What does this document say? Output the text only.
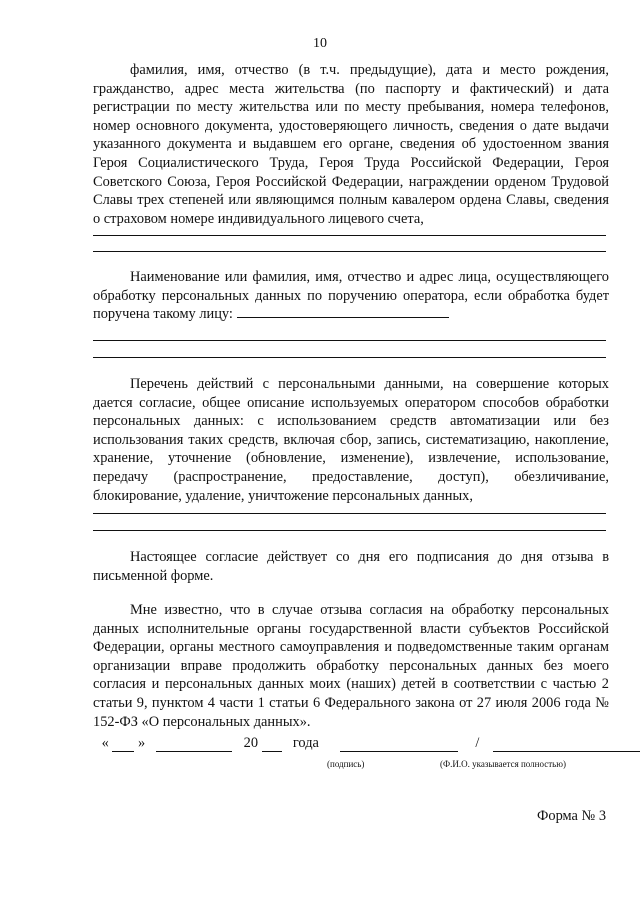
10

фамилия, имя, отчество (в т.ч. предыдущие), дата и место рождения, гражданство, адрес места жительства (по паспорту и фактический) и дата регистрации по месту жительства или по месту пребывания, номера телефонов, номер основного документа, удостоверяющего личность, сведения о дате выдачи указанного документа и выдавшем его органе, сведения об удостоенном звания Героя Социалистического Труда, Героя Труда Российской Федерации, Героя Советского Союза, Героя Российской Федерации, награждении орденом Трудовой Славы трех степеней или являющимся полным кавалером ордена Славы, сведения о страховом номере индивидуального лицевого счета,

Наименование или фамилия, имя, отчество и адрес лица, осуществляющего обработку персональных данных по поручению оператора, если обработка будет поручена такому лицу:

Перечень действий с персональными данными, на совершение которых дается согласие, общее описание используемых оператором способов обработки персональных данных: с использованием средств автоматизации или без использования таких средств, включая сбор, запись, систематизацию, накопление, хранение, уточнение (обновление, изменение), извлечение, использование, передачу (распространение, предоставление, доступ), обезличивание, блокирование, удаление, уничтожение персональных данных,

Настоящее согласие действует со дня его подписания до дня отзыва в письменной форме.

Мне известно, что в случае отзыва согласия на обработку персональных данных исполнительные органы государственной власти субъектов Российской Федерации, органы местного самоуправления и подведомственные таким органам организации вправе продолжить обработку персональных данных без моего согласия и персональных данных моих (наших) детей в соответствии с частью 2 статьи 9, пунктом 4 части 1 статьи 6 Федерального закона от 27 июля 2006 года № 152-ФЗ «О персональных данных».

« »	20 года	/
(подпись)	(Ф.И.О. указывается полностью)
Форма № 3
